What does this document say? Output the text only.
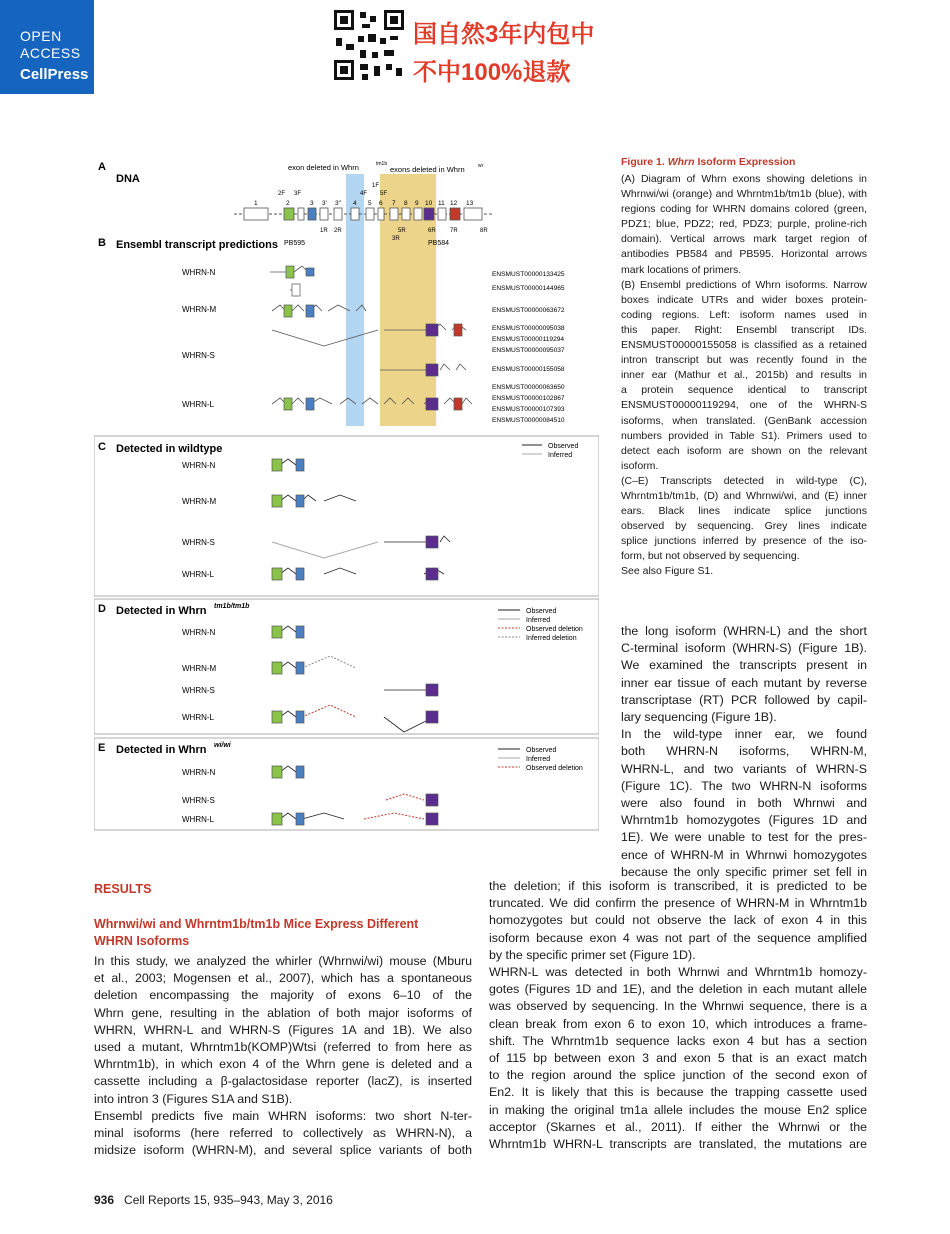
OPEN
ACCESS
CellPress
国自然3年内包中
不中100%退款
A
DNA
exon deleted in Whrn	tm1b
exons deleted in Whrn	wi
1	2	3 3' 3" 4 5 6 7 8 9 10 11 12 13
2F 3F	4F
1F
5F
1R 2R	5R
3R
6R 7R	8R
PB595	PB584
B Ensembl transcript predictions
WHRN-N
WHRN-M
WHRN-S
WHRN-L
ENSMUST00000133425
ENSMUST00000144965
ENSMUST00000063672
ENSMUST00000095038
ENSMUST00000119294
ENSMUST00000095037
ENSMUST00000155058
ENSMUST00000063650
ENSMUST00000102867
ENSMUST00000107393
ENSMUST00000084510
C Detected in wildtype	Observed
Inferred
WHRN-N
WHRN-M
WHRN-S
WHRN-L
D Detected in Whrn tm1b/tm1b
Observed
Inferred
Observed deletion
Inferred deletion
WHRN-N
WHRN-M
WHRN-S
WHRN-L
E Detected in Whrn wi/wi
Observed
Inferred
Observed deletion
WHRN-N
WHRN-S
WHRN-L
Figure 1. Whrn Isoform Expression
(A) Diagram of Whrn exons showing deletions in
Whrnwi/wi (orange) and Whrntm1b/tm1b (blue), with
regions coding for WHRN domains colored (green,
PDZ1; blue, PDZ2; red, PDZ3; purple, proline-rich
domain). Vertical arrows mark target region of
antibodies PB584 and PB595. Horizontal arrows
mark locations of primers.
(B) Ensembl predictions of Whrn isoforms. Narrow
boxes indicate UTRs and wider boxes protein-
coding regions. Left: isoform names used in
this paper. Right: Ensembl transcript IDs.
ENSMUST00000155058 is classified as a retained
intron transcript but was recently found in the
inner ear (Mathur et al., 2015b) and results in
a protein sequence identical to transcript
ENSMUST00000119294, one of the WHRN-S
isoforms, when translated. (GenBank accession
numbers provided in Table S1). Primers used to
detect each isoform are shown on the relevant
isoform.
(C–E) Transcripts detected in wild-type (C),
Whrntm1b/tm1b, (D) and Whrnwi/wi, and (E) inner
ears. Black lines indicate splice junctions
observed by sequencing. Grey lines indicate
splice junctions inferred by presence of the iso-
form, but not observed by sequencing.
See also Figure S1.
the long isoform (WHRN-L) and the short
C-terminal isoform (WHRN-S) (Figure 1B).
We examined the transcripts present in
inner ear tissue of each mutant by reverse
transcriptase (RT) PCR followed by capil-
lary sequencing (Figure 1B).
In the wild-type inner ear, we found
both WHRN-N isoforms, WHRN-M,
WHRN-L, and two variants of WHRN-S
(Figure 1C). The two WHRN-N isoforms
were also found in both Whrnwi and
Whrntm1b homozygotes (Figures 1D and
1E). We were unable to test for the pres-
ence of WHRN-M in Whrnwi homozygotes
because the only specific primer set fell in
the deletion; if this isoform is transcribed, it is predicted to be
truncated. We did confirm the presence of WHRN-M in Whrntm1b
homozygotes but could not observe the lack of exon 4 in this
isoform because exon 4 was not part of the sequence amplified
by the specific primer set (Figure 1D).
WHRN-L was detected in both Whrnwi and Whrntm1b homozy-
gotes (Figures 1D and 1E), and the deletion in each mutant allele
was observed by sequencing. In the Whrnwi sequence, there is a
clean break from exon 6 to exon 10, which introduces a frame-
shift. The Whrntm1b sequence lacks exon 4 but has a section
of 115 bp between exon 3 and exon 5 that is an exact match
to the region around the splice junction of the second exon of
En2. It is likely that this is because the trapping cassette used
in making the original tm1a allele includes the mouse En2 splice
acceptor (Skarnes et al., 2011). If either the Whrnwi or the
Whrntm1b WHRN-L transcripts are translated, the mutations are
RESULTS
Whrnwi/wi and Whrntm1b/tm1b Mice Express Different WHRN Isoforms
In this study, we analyzed the whirler (Whrnwi/wi) mouse (Mburu
et al., 2003; Mogensen et al., 2007), which has a spontaneous
deletion encompassing the majority of exons 6–10 of the
Whrn gene, resulting in the ablation of both major isoforms of
WHRN, WHRN-L and WHRN-S (Figures 1A and 1B). We also
used a mutant, Whrntm1b(KOMP)Wtsi (referred to from here as
Whrntm1b), in which exon 4 of the Whrn gene is deleted and a
cassette including a β-galactosidase reporter (lacZ), is inserted
into intron 3 (Figures S1A and S1B).
Ensembl predicts five main WHRN isoforms: two short N-ter-
minal isoforms (here referred to collectively as WHRN-N), a
midsize isoform (WHRN-M), and several splice variants of both
936 Cell Reports 15, 935–943, May 3, 2016
